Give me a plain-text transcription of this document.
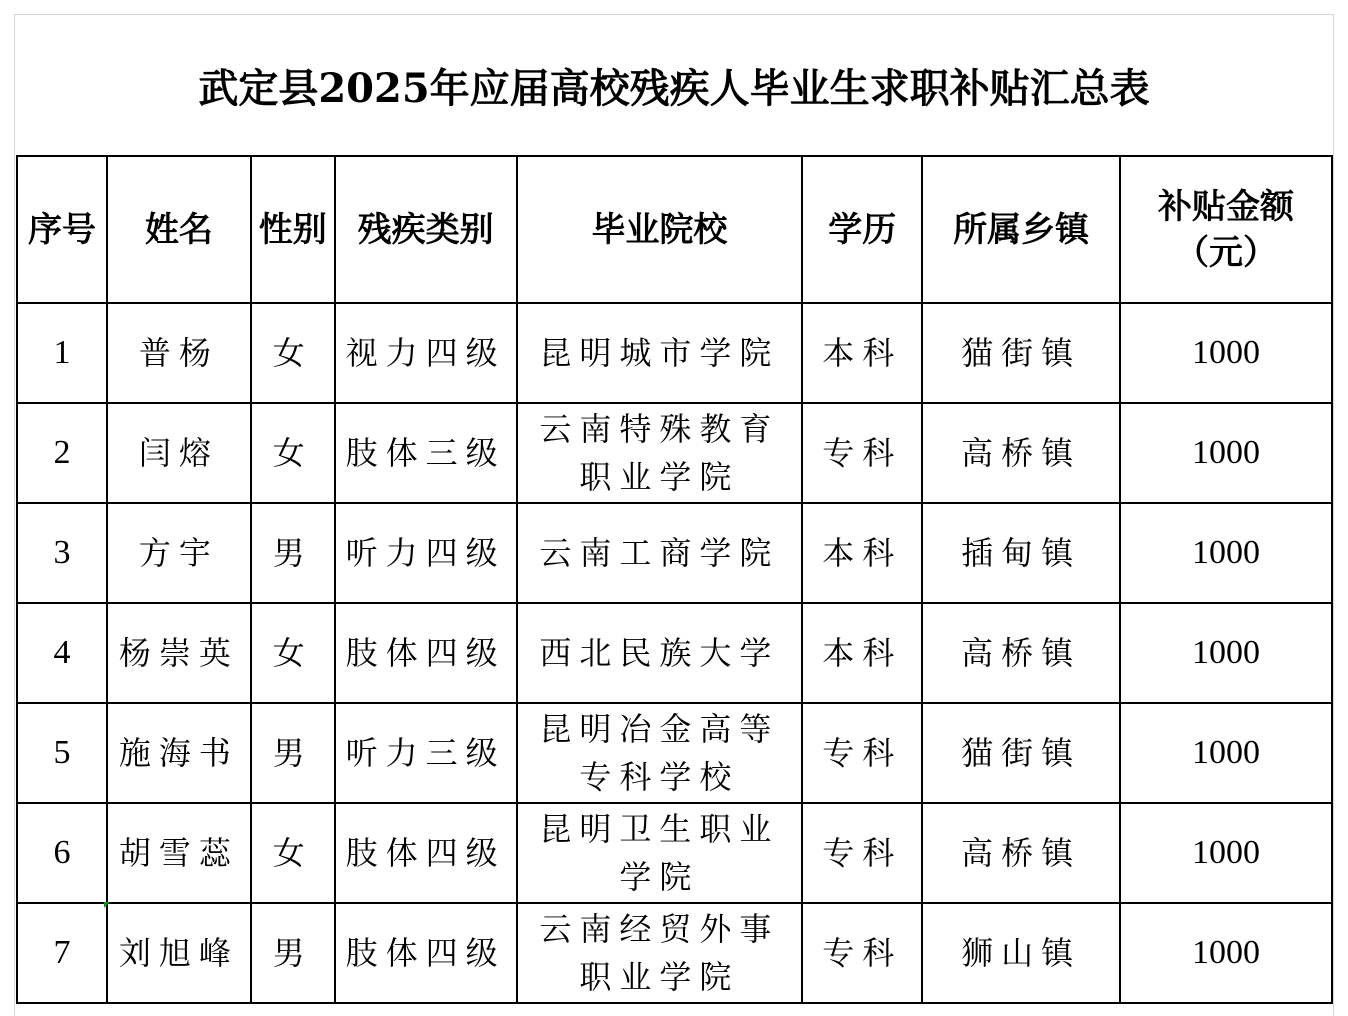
武定县2025年应届高校残疾人毕业生求职补贴汇总表
序号	姓名	性别	残疾类别	毕业院校	学历	所属乡镇	补贴金额（元）
1	普杨	女	视力四级	昆明城市学院	本科	猫街镇	1000
2	闫熔	女	肢体三级	云南特殊教育职业学院	专科	高桥镇	1000
3	方宇	男	听力四级	云南工商学院	本科	插甸镇	1000
4	杨崇英	女	肢体四级	西北民族大学	本科	高桥镇	1000
5	施海书	男	听力三级	昆明冶金高等专科学校	专科	猫街镇	1000
6	胡雪蕊	女	肢体四级	昆明卫生职业学院	专科	高桥镇	1000
7	刘旭峰	男	肢体四级	云南经贸外事职业学院	专科	狮山镇	1000
